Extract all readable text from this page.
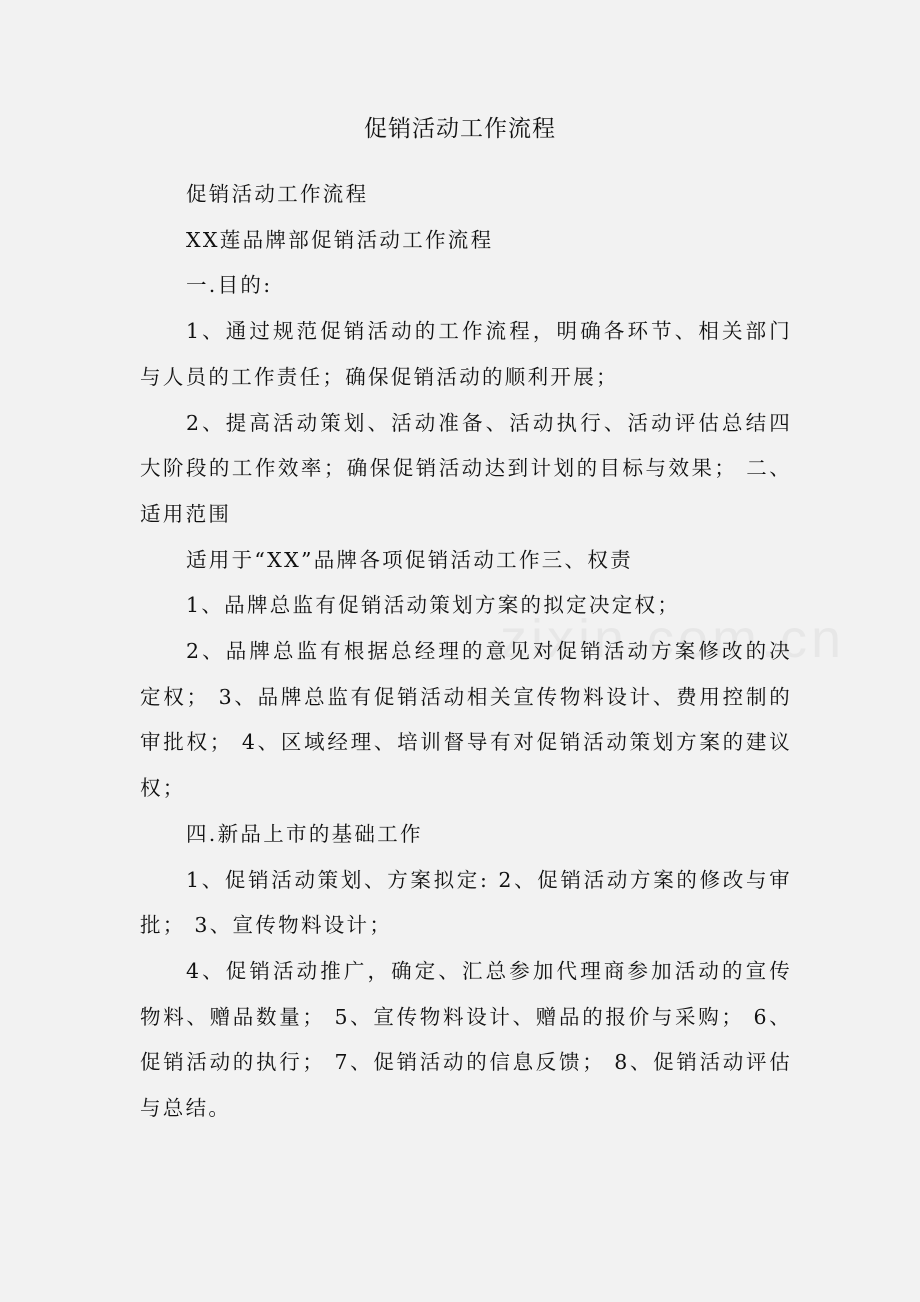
促销活动工作流程

促销活动工作流程

XX莲品牌部促销活动工作流程

一.目的:

1、通过规范促销活动的工作流程，明确各环节、相关部门与人员的工作责任；确保促销活动的顺利开展；

2、提高活动策划、活动准备、活动执行、活动评估总结四大阶段的工作效率；确保促销活动达到计划的目标与效果； 二、适用范围

适用于“XX”品牌各项促销活动工作三、权责

1、品牌总监有促销活动策划方案的拟定决定权；

2、品牌总监有根据总经理的意见对促销活动方案修改的决定权； 3、品牌总监有促销活动相关宣传物料设计、费用控制的审批权； 4、区域经理、培训督导有对促销活动策划方案的建议权；

四.新品上市的基础工作

1、促销活动策划、方案拟定: 2、促销活动方案的修改与审批； 3、宣传物料设计；

4、促销活动推广，确定、汇总参加代理商参加活动的宣传物料、赠品数量； 5、宣传物料设计、赠品的报价与采购； 6、促销活动的执行； 7、促销活动的信息反馈； 8、促销活动评估与总结。
